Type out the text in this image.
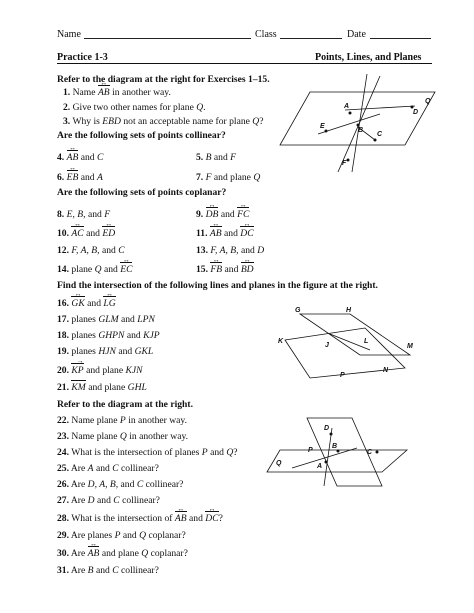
Name	Class	Date
Practice 1-3	Points, Lines, and Planes
Refer to the diagram at the right for Exercises 1–15.
1. Name AB ↔ in another way.
2. Give two other names for plane Q.
3. Why is EBD not an acceptable name for plane Q?
Are the following sets of points collinear?
4. AB ↔ and C	5. B and F
6. EB ↔ and A	7. F and plane Q
Are the following sets of points coplanar?
8. E, B, and F	9. DB ↔ and FC ↔
10. AC ↔ and ED ↔	11. AB ↔ and DC ↔
12. F, A, B, and C	13. F, A, B, and D
14. plane Q and EC ↔	15. FB ↔ and BD ↔
Find the intersection of the following lines and planes in the figure at the right.
16. GK ↔ and LG ↔
17. planes GLM and LPN
18. planes GHPN and KJP
19. planes HJN and GKL
20. KP → and plane KJN
21. KM and plane GHL
Refer to the diagram at the right.
22. Name plane P in another way.
23. Name plane Q in another way.
24. What is the intersection of planes P and Q?
25. Are A and C collinear?
26. Are D, A, B, and C collinear?
27. Are D and C collinear?
28. What is the intersection of AB ↔ and DC ↔?
29. Are planes P and Q coplanar?
30. Are AB ↔ and plane Q coplanar?
31. Are B and C collinear?
A
B
C
D
E
F
Q
G	H
K
J
L
M
P
N
D
P
B
C
Q	A
